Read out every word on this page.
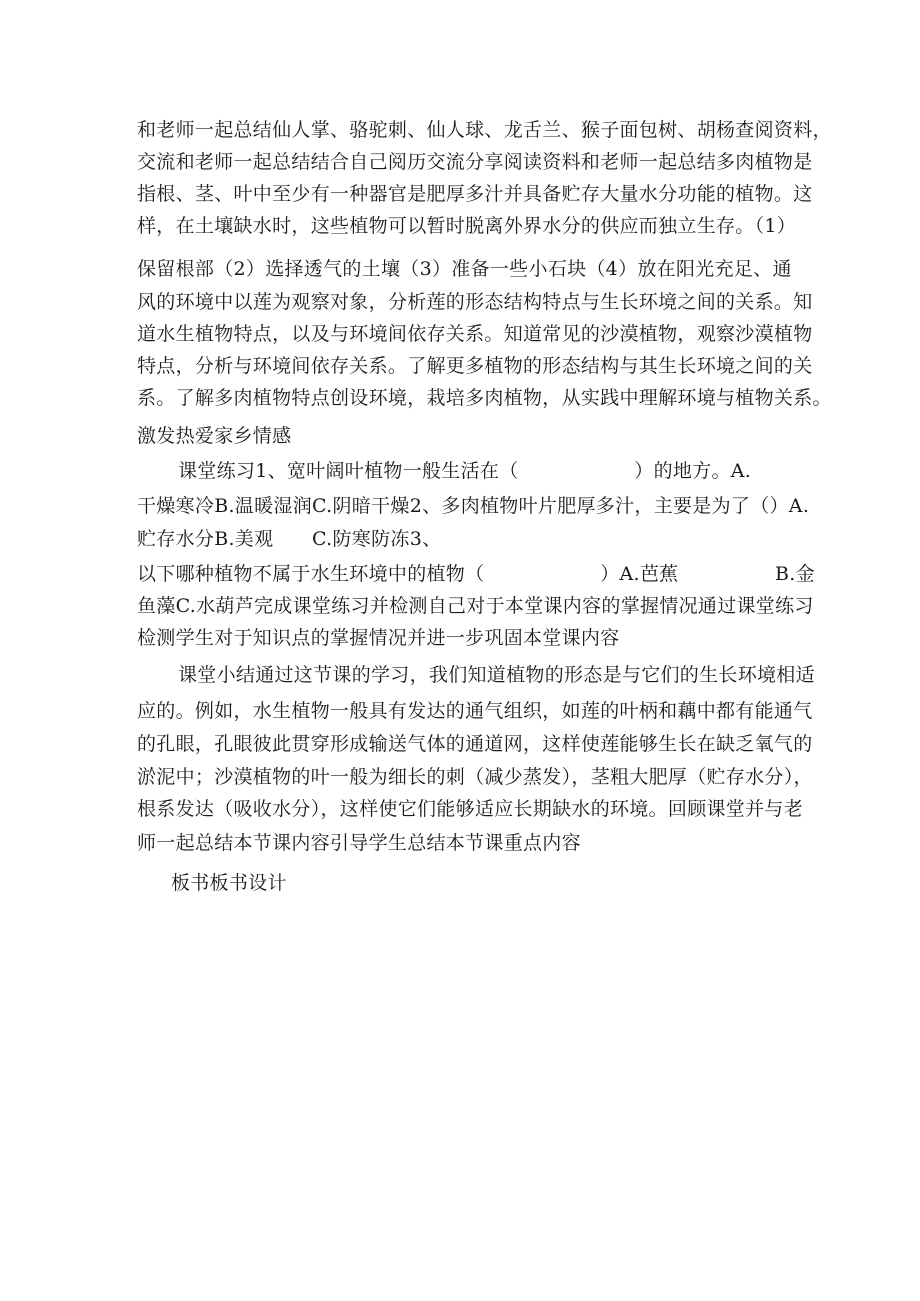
和老师一起总结仙人掌、骆驼刺、仙人球、龙舌兰、猴子面包树、胡杨查阅资料，
交流和老师一起总结结合自己阅历交流分享阅读资料和老师一起总结多肉植物是
指根、茎、叶中至少有一种器官是肥厚多汁并具备贮存大量水分功能的植物。这
样，在土壤缺水时，这些植物可以暂时脱离外界水分的供应而独立生存。（1）
保留根部（2）选择透气的土壤（3）准备一些小石块（4）放在阳光充足、通
风的环境中以莲为观察对象，分析莲的形态结构特点与生长环境之间的关系。知
道水生植物特点，以及与环境间依存关系。知道常见的沙漠植物，观察沙漠植物
特点，分析与环境间依存关系。了解更多植物的形态结构与其生长环境之间的关
系。了解多肉植物特点创设环境，栽培多肉植物，从实践中理解环境与植物关系。
激发热爱家乡情感
课堂练习1、宽叶阔叶植物一般生活在（　　　　　　）的地方。A.
干燥寒冷B.温暖湿润C.阴暗干燥2、多肉植物叶片肥厚多汁，主要是为了（）A.
贮存水分B.美观　　C.防寒防冻3、
以下哪种植物不属于水生环境中的植物（　　　　　　）A.芭蕉　　　　　B.金
鱼藻C.水葫芦完成课堂练习并检测自己对于本堂课内容的掌握情况通过课堂练习
检测学生对于知识点的掌握情况并进一步巩固本堂课内容
课堂小结通过这节课的学习，我们知道植物的形态是与它们的生长环境相适
应的。例如，水生植物一般具有发达的通气组织，如莲的叶柄和藕中都有能通气
的孔眼，孔眼彼此贯穿形成输送气体的通道网，这样使莲能够生长在缺乏氧气的
淤泥中；沙漠植物的叶一般为细长的刺（减少蒸发），茎粗大肥厚（贮存水分），
根系发达（吸收水分），这样使它们能够适应长期缺水的环境。回顾课堂并与老
师一起总结本节课内容引导学生总结本节课重点内容
板书板书设计
